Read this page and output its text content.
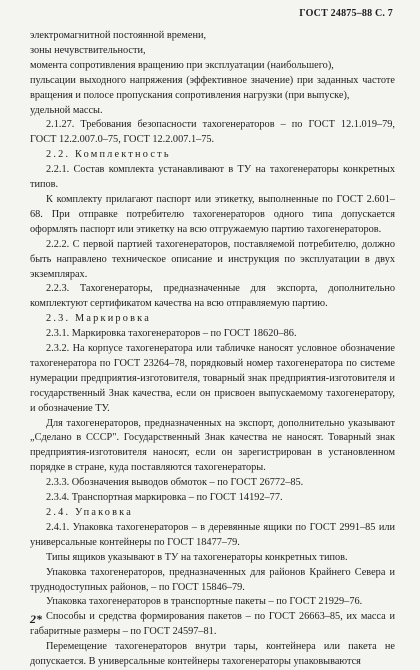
ГОСТ 24875–88 С. 7

электромагнитной постоянной времени,

зоны нечувствительности,

момента сопротивления вращению при эксплуатации (наибольшего),

пульсации выходного напряжения (эффективное значение) при заданных частоте вращения и полосе пропускания сопротивления нагрузки (при выпуске),

удельной массы.

2.1.27. Требования безопасности тахогенераторов – по ГОСТ 12.1.019–79, ГОСТ 12.2.007.0–75, ГОСТ 12.2.007.1–75.

2.2. Комплектность

2.2.1. Состав комплекта устанавливают в ТУ на тахогенераторы конкретных типов.

К комплекту прилагают паспорт или этикетку, выполненные по ГОСТ 2.601–68. При отправке потребителю тахогенераторов одного типа допускается оформлять паспорт или этикетку на всю отгружаемую партию тахогенераторов.

2.2.2. С первой партией тахогенераторов, поставляемой потребителю, должно быть направлено техническое описание и инструкция по эксплуатации в двух экземплярах.

2.2.3. Тахогенераторы, предназначенные для экспорта, дополнительно комплектуют сертификатом качества на всю отправляемую партию.

2.3. Маркировка

2.3.1. Маркировка тахогенераторов – по ГОСТ 18620–86.

2.3.2. На корпусе тахогенератора или табличке наносят условное обозначение тахогенератора по ГОСТ 23264–78, порядковый номер тахогенератора по системе нумерации предприятия-изготовителя, товарный знак предприятия-изготовителя и государственный Знак качества, если он присвоен выпускаемому тахогенератору, и обозначение ТУ.

Для тахогенераторов, предназначенных на экспорт, дополнительно указывают „Сделано в СССР". Государственный Знак качества не наносят. Товарный знак предприятия-изготовителя наносят, если он зарегистрирован в установленном порядке в стране, куда поставляются тахогенераторы.

2.3.3. Обозначения выводов обмоток – по ГОСТ 26772–85.

2.3.4. Транспортная маркировка – по ГОСТ 14192–77.

2.4. Упаковка

2.4.1. Упаковка тахогенераторов – в деревянные ящики по ГОСТ 2991–85 или универсальные контейнеры по ГОСТ 18477–79.

Типы ящиков указывают в ТУ на тахогенераторы конкретных типов.

Упаковка тахогенераторов, предназначенных для районов Крайнего Севера и труднодоступных районов, – по ГОСТ 15846–79.

Упаковка тахогенераторов в транспортные пакеты – по ГОСТ 21929–76.

Способы и средства формирования пакетов – по ГОСТ 26663–85, их масса и габаритные размеры – по ГОСТ 24597–81.

Перемещение тахогенераторов внутри тары, контейнера или пакета не допускается. В универсальные контейнеры тахогенераторы упаковываются

2*
